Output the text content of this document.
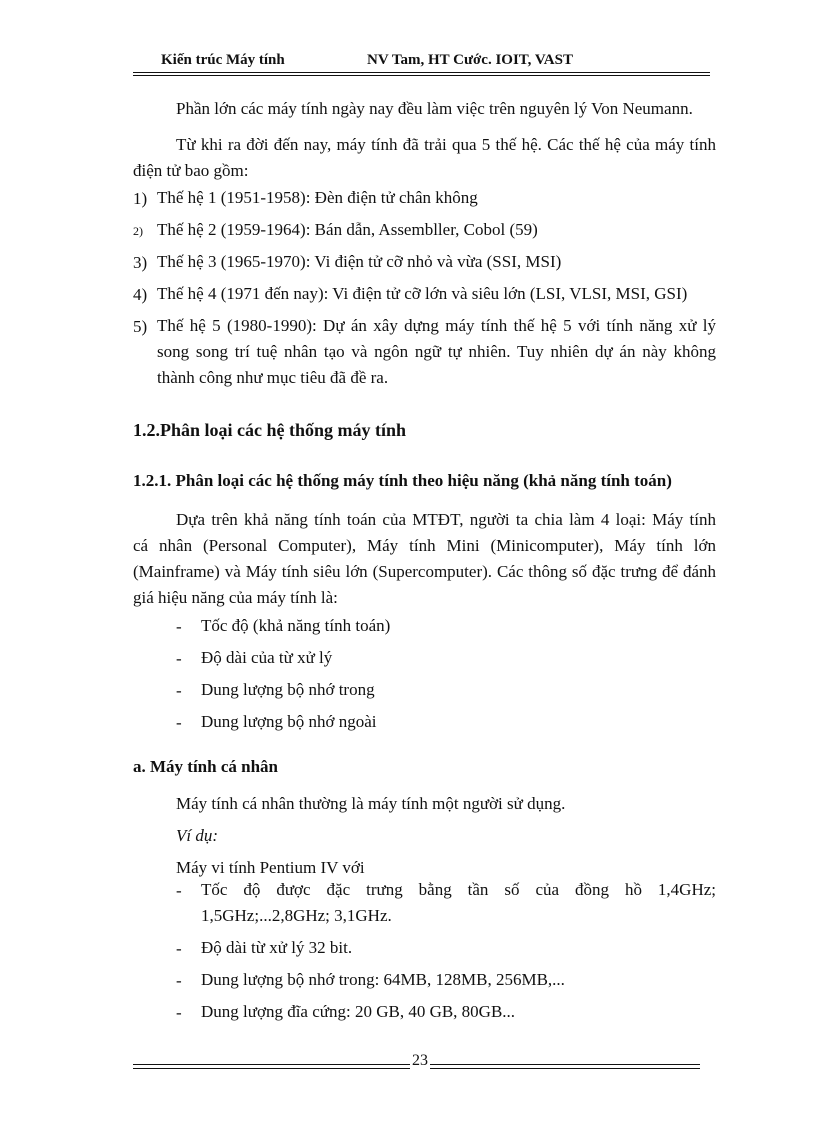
Kiến trúc Máy tính	NV Tam, HT Cước. IOIT, VAST
Phần lớn các máy tính ngày nay đều làm việc trên nguyên lý Von Neumann.
Từ khi ra đời đến nay, máy tính đã trải qua 5 thế hệ. Các thế hệ của máy tính
điện tử bao gồm:
1) Thế hệ 1 (1951-1958): Đèn điện tử chân không
2) Thế hệ 2 (1959-1964): Bán dẫn, Assembller, Cobol (59)
3) Thế hệ 3 (1965-1970): Vi điện tử cỡ nhỏ và vừa (SSI, MSI)
4) Thế hệ 4 (1971 đến nay): Vi điện tử cỡ lớn và siêu lớn (LSI, VLSI, MSI, GSI)
5) Thế hệ 5 (1980-1990): Dự án xây dựng máy tính thế hệ 5 với tính năng xử lý
song song trí tuệ nhân tạo và ngôn ngữ tự nhiên. Tuy nhiên dự án này không
thành công như mục tiêu đã đề ra.
1.2.Phân loại các hệ thống máy tính
1.2.1. Phân loại các hệ thống máy tính theo hiệu năng (khả năng tính toán)
Dựa trên khả năng tính toán của MTĐT, người ta chia làm 4 loại: Máy tính
cá nhân (Personal Computer), Máy tính Mini (Minicomputer), Máy tính lớn
(Mainframe) và Máy tính siêu lớn (Supercomputer). Các thông số đặc trưng để đánh
giá hiệu năng của máy tính là:
- Tốc độ (khả năng tính toán)
- Độ dài của từ xử lý
- Dung lượng bộ nhớ trong
- Dung lượng bộ nhớ ngoài
a. Máy tính cá nhân
Máy tính cá nhân thường là máy tính một người sử dụng.
Ví dụ:
Máy vi tính Pentium IV với
- Tốc độ được đặc trưng bằng tần số của đồng hồ 1,4GHz;
1,5GHz;...2,8GHz; 3,1GHz.
- Độ dài từ xử lý 32 bit.
- Dung lượng bộ nhớ trong: 64MB, 128MB, 256MB,...
- Dung lượng đĩa cứng: 20 GB, 40 GB, 80GB...
23
